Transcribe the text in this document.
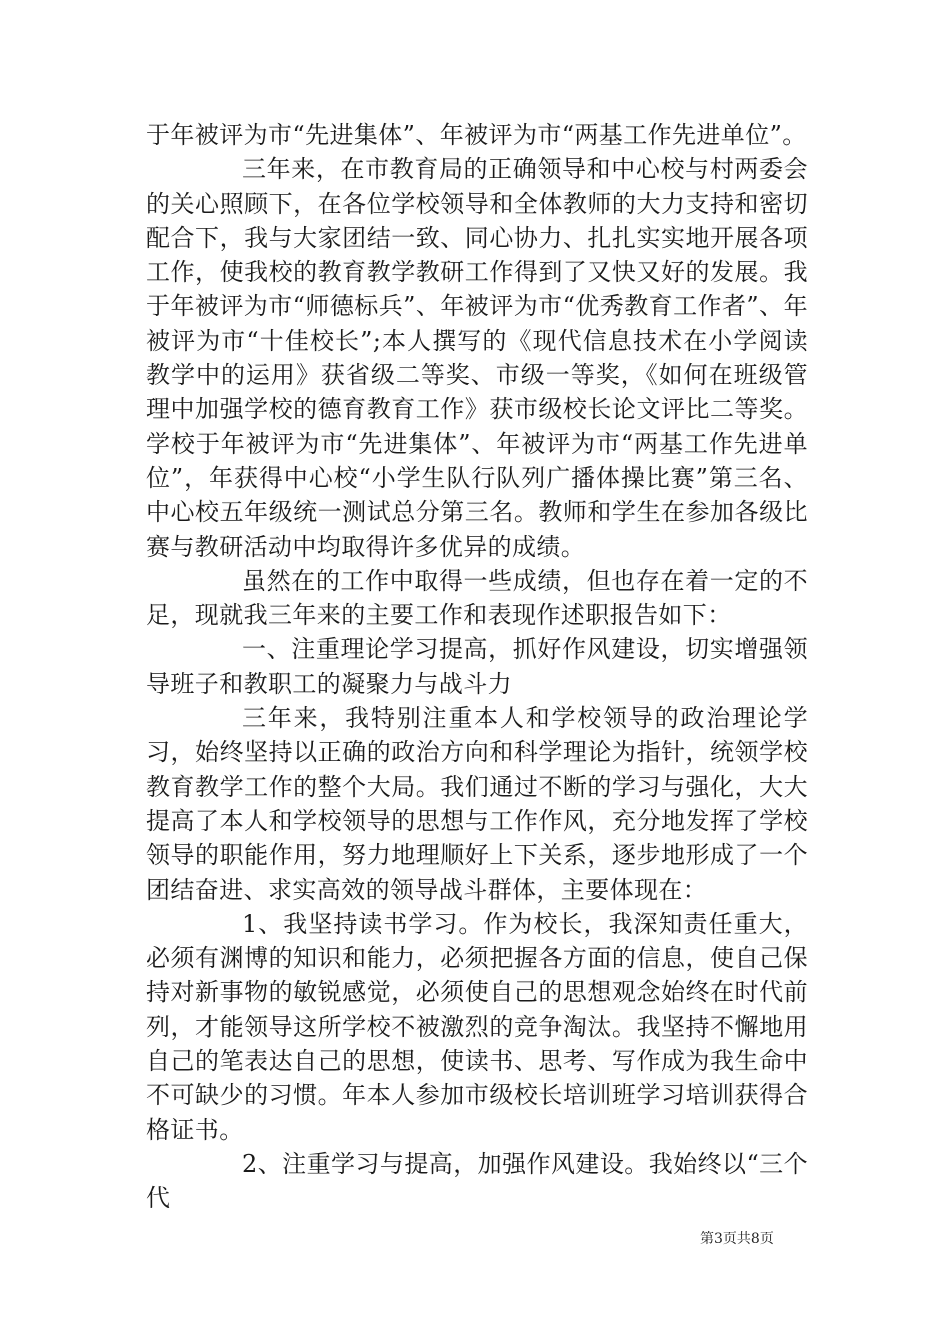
于年被评为市“先进集体”、年被评为市“两基工作先进单位”。

三年来，在市教育局的正确领导和中心校与村两委会的关心照顾下，在各位学校领导和全体教师的大力支持和密切配合下，我与大家团结一致、同心协力、扎扎实实地开展各项工作，使我校的教育教学教研工作得到了又快又好的发展。我于年被评为市“师德标兵”、年被评为市“优秀教育工作者”、年被评为市“十佳校长”;本人撰写的《现代信息技术在小学阅读教学中的运用》获省级二等奖、市级一等奖，《如何在班级管理中加强学校的德育教育工作》获市级校长论文评比二等奖。学校于年被评为市“先进集体”、年被评为市“两基工作先进单位”，年获得中心校“小学生队行队列广播体操比赛”第三名、中心校五年级统一测试总分第三名。教师和学生在参加各级比赛与教研活动中均取得许多优异的成绩。

虽然在的工作中取得一些成绩，但也存在着一定的不足，现就我三年来的主要工作和表现作述职报告如下：

一、注重理论学习提高，抓好作风建设，切实增强领导班子和教职工的凝聚力与战斗力

三年来，我特别注重本人和学校领导的政治理论学习，始终坚持以正确的政治方向和科学理论为指针，统领学校教育教学工作的整个大局。我们通过不断的学习与强化，大大提高了本人和学校领导的思想与工作作风，充分地发挥了学校领导的职能作用，努力地理顺好上下关系，逐步地形成了一个团结奋进、求实高效的领导战斗群体，主要体现在：

1、我坚持读书学习。作为校长，我深知责任重大，必须有渊博的知识和能力，必须把握各方面的信息，使自己保持对新事物的敏锐感觉，必须使自己的思想观念始终在时代前列，才能领导这所学校不被激烈的竞争淘汰。我坚持不懈地用自己的笔表达自己的思想，使读书、思考、写作成为我生命中不可缺少的习惯。年本人参加市级校长培训班学习培训获得合格证书。

2、注重学习与提高，加强作风建设。我始终以“三个代

第3页共8页
